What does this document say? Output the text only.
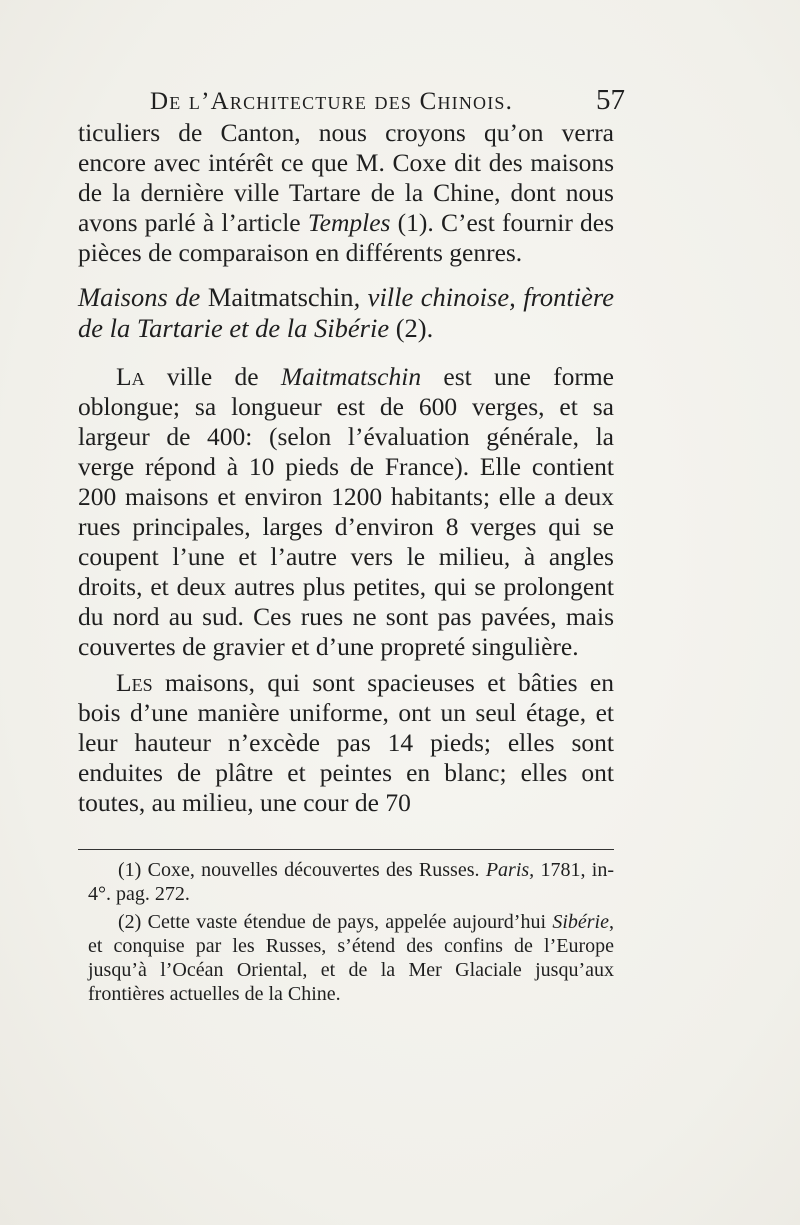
De l’Architecture des Chinois.	57

ticuliers de Canton, nous croyons qu’on verra encore avec intérêt ce que M. Coxe dit des maisons de la dernière ville Tartare de la Chine, dont nous avons parlé à l’article Temples (1). C’est fournir des pièces de comparaison en différents genres.

Maisons de Maitmatschin, ville chinoise, frontière de la Tartarie et de la Sibérie (2).

La ville de Maitmatschin est une forme oblongue; sa longueur est de 600 verges, et sa largeur de 400: (selon l’évaluation générale, la verge répond à 10 pieds de France). Elle contient 200 maisons et environ 1200 habitants; elle a deux rues principales, larges d’environ 8 verges qui se coupent l’une et l’autre vers le milieu, à angles droits, et deux autres plus petites, qui se prolongent du nord au sud. Ces rues ne sont pas pavées, mais couvertes de gravier et d’une propreté singulière.

Les maisons, qui sont spacieuses et bâties en bois d’une manière uniforme, ont un seul étage, et leur hauteur n’excède pas 14 pieds; elles sont enduites de plâtre et peintes en blanc; elles ont toutes, au milieu, une cour de 70

(1) Coxe, nouvelles découvertes des Russes. Paris, 1781, in-4°. pag. 272.

(2) Cette vaste étendue de pays, appelée aujourd’hui Sibérie, et conquise par les Russes, s’étend des confins de l’Europe jusqu’à l’Océan Oriental, et de la Mer Glaciale jusqu’aux frontières actuelles de la Chine.
